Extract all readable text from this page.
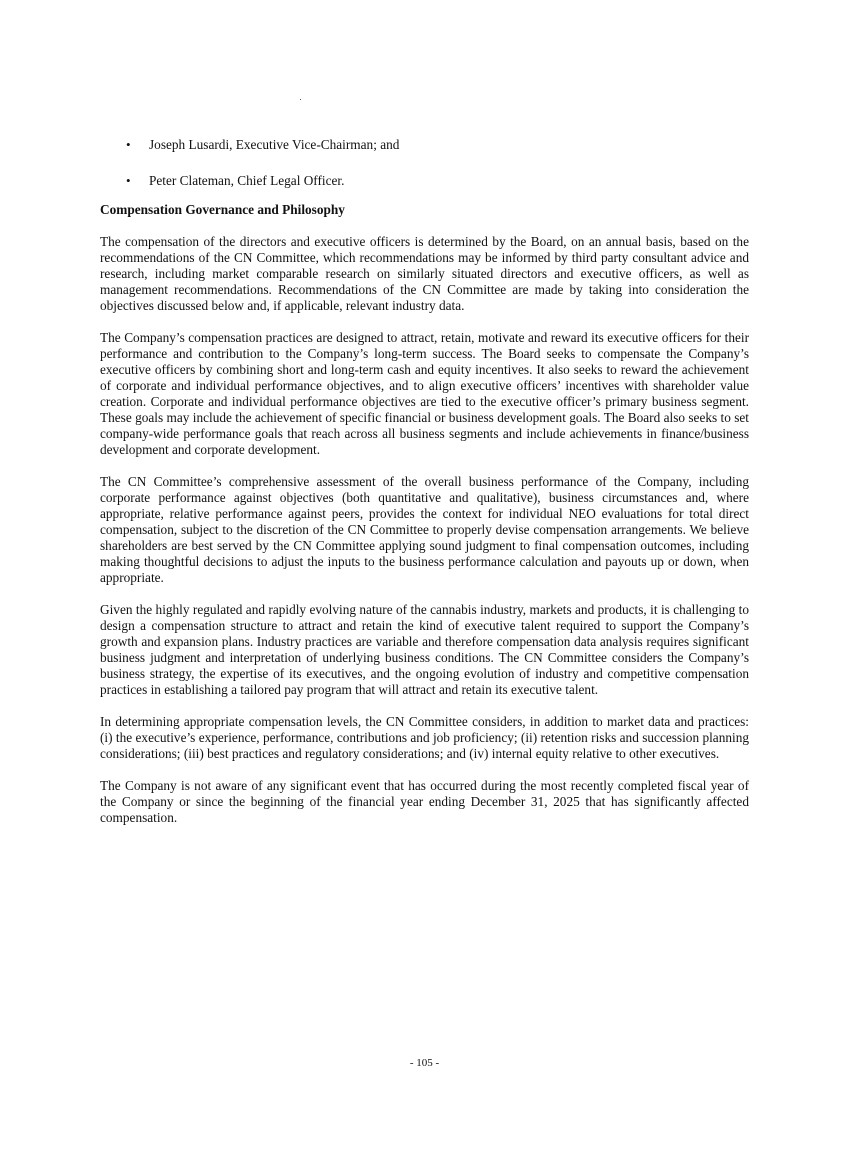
• Joseph Lusardi, Executive Vice-Chairman; and
• Peter Clateman, Chief Legal Officer.
Compensation Governance and Philosophy

The compensation of the directors and executive officers is determined by the Board, on an annual basis, based on the recommendations of the CN Committee, which recommendations may be informed by third party consultant advice and research, including market comparable research on similarly situated directors and executive officers, as well as management recommendations. Recommendations of the CN Committee are made by taking into consideration the objectives discussed below and, if applicable, relevant industry data.

The Company’s compensation practices are designed to attract, retain, motivate and reward its executive officers for their performance and contribution to the Company’s long-term success. The Board seeks to compensate the Company’s executive officers by combining short and long-term cash and equity incentives. It also seeks to reward the achievement of corporate and individual performance objectives, and to align executive officers’ incentives with shareholder value creation. Corporate and individual performance objectives are tied to the executive officer’s primary business segment. These goals may include the achievement of specific financial or business development goals. The Board also seeks to set company-wide performance goals that reach across all business segments and include achievements in finance/business development and corporate development.

The CN Committee’s comprehensive assessment of the overall business performance of the Company, including corporate performance against objectives (both quantitative and qualitative), business circumstances and, where appropriate, relative performance against peers, provides the context for individual NEO evaluations for total direct compensation, subject to the discretion of the CN Committee to properly devise compensation arrangements. We believe shareholders are best served by the CN Committee applying sound judgment to final compensation outcomes, including making thoughtful decisions to adjust the inputs to the business performance calculation and payouts up or down, when appropriate.

Given the highly regulated and rapidly evolving nature of the cannabis industry, markets and products, it is challenging to design a compensation structure to attract and retain the kind of executive talent required to support the Company’s growth and expansion plans. Industry practices are variable and therefore compensation data analysis requires significant business judgment and interpretation of underlying business conditions. The CN Committee considers the Company’s business strategy, the expertise of its executives, and the ongoing evolution of industry and competitive compensation practices in establishing a tailored pay program that will attract and retain its executive talent.

In determining appropriate compensation levels, the CN Committee considers, in addition to market data and practices: (i) the executive’s experience, performance, contributions and job proficiency; (ii) retention risks and succession planning considerations; (iii) best practices and regulatory considerations; and (iv) internal equity relative to other executives.

The Company is not aware of any significant event that has occurred during the most recently completed fiscal year of the Company or since the beginning of the financial year ending December 31, 2025 that has significantly affected compensation.

- 105 -
